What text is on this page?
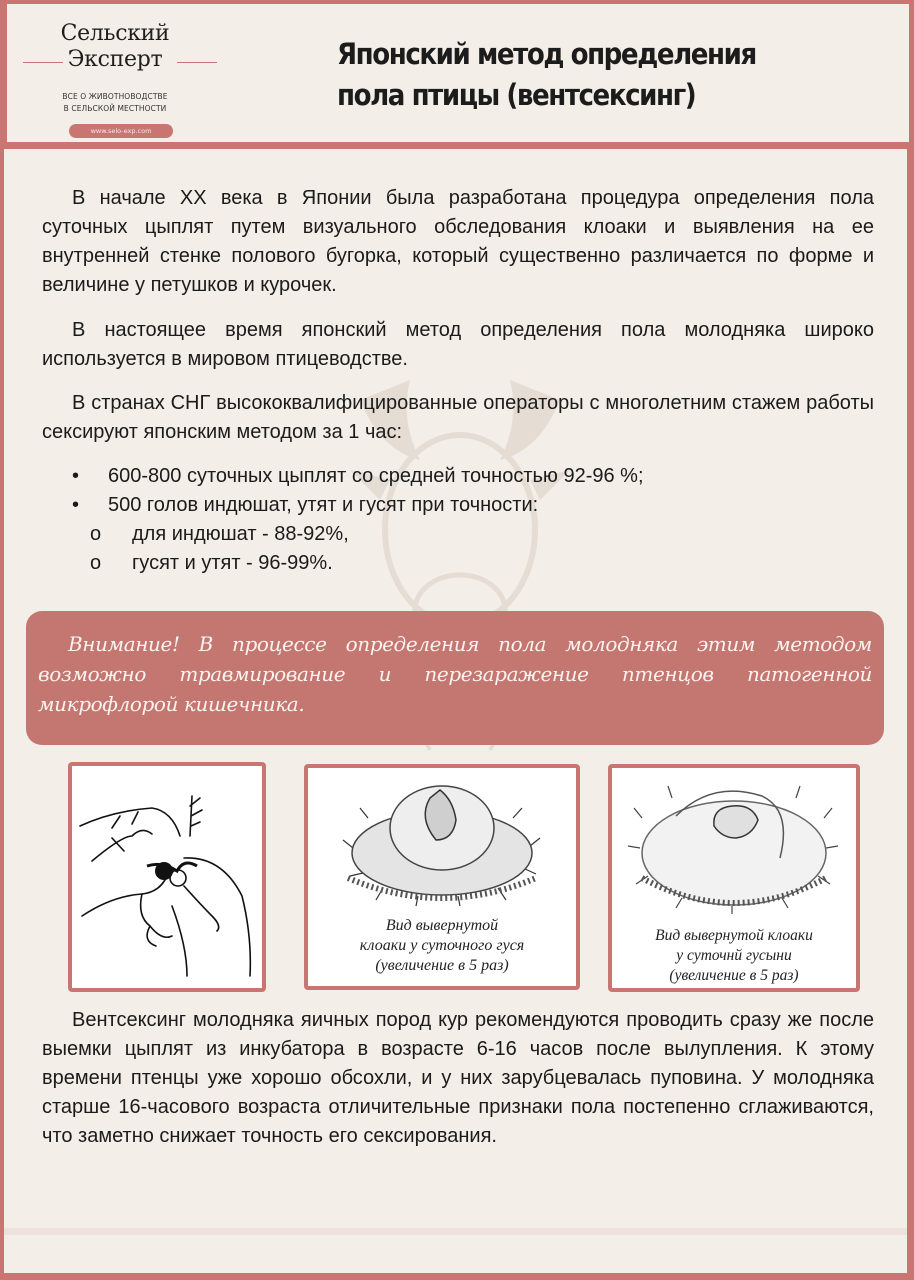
Сельский
Эксперт
ВСЕ О ЖИВОТНОВОДСТВЕ
В СЕЛЬСКОЙ МЕСТНОСТИ
www.selo-exp.com
Японский метод определения
пола птицы (вентсексинг)

В начале XX века в Японии была разработана процедура определения пола суточных цыплят путем визуального обследования клоаки и выявления на ее внутренней стенке полового бугорка, который существенно различается по форме и величине у петушков и курочек.

В настоящее время японский метод определения пола молодняка широко используется в мировом птицеводстве.

В странах СНГ высококвалифицированные операторы с многолетним стажем работы сексируют японским методом за 1 час:

• 600-800 суточных цыплят со средней точностью 92-96 %;
• 500 голов индюшат, утят и гусят при точности:
o для индюшат - 88-92%,
o гусят и утят - 96-99%.
Внимание! В процессе определения пола молодняка этим методом возможно травмирование и перезаражение птенцов патогенной микрофлорой кишечника.
Вид вывернутой
клоаки у суточного гуся
(увеличение в 5 раз)
Вид вывернутой клоаки
у суточнй гусыни
(увеличение в 5 раз)

Вентсексинг молодняка яичных пород кур рекомендуются проводить сразу же после выемки цыплят из инкубатора в возрасте 6-16 часов после вылупления. К этому времени птенцы уже хорошо обсохли, и у них зарубцевалась пуповина. У молодняка старше 16-часового возраста отличительные признаки пола постепенно сглаживаются, что заметно снижает точность его сексирования.
